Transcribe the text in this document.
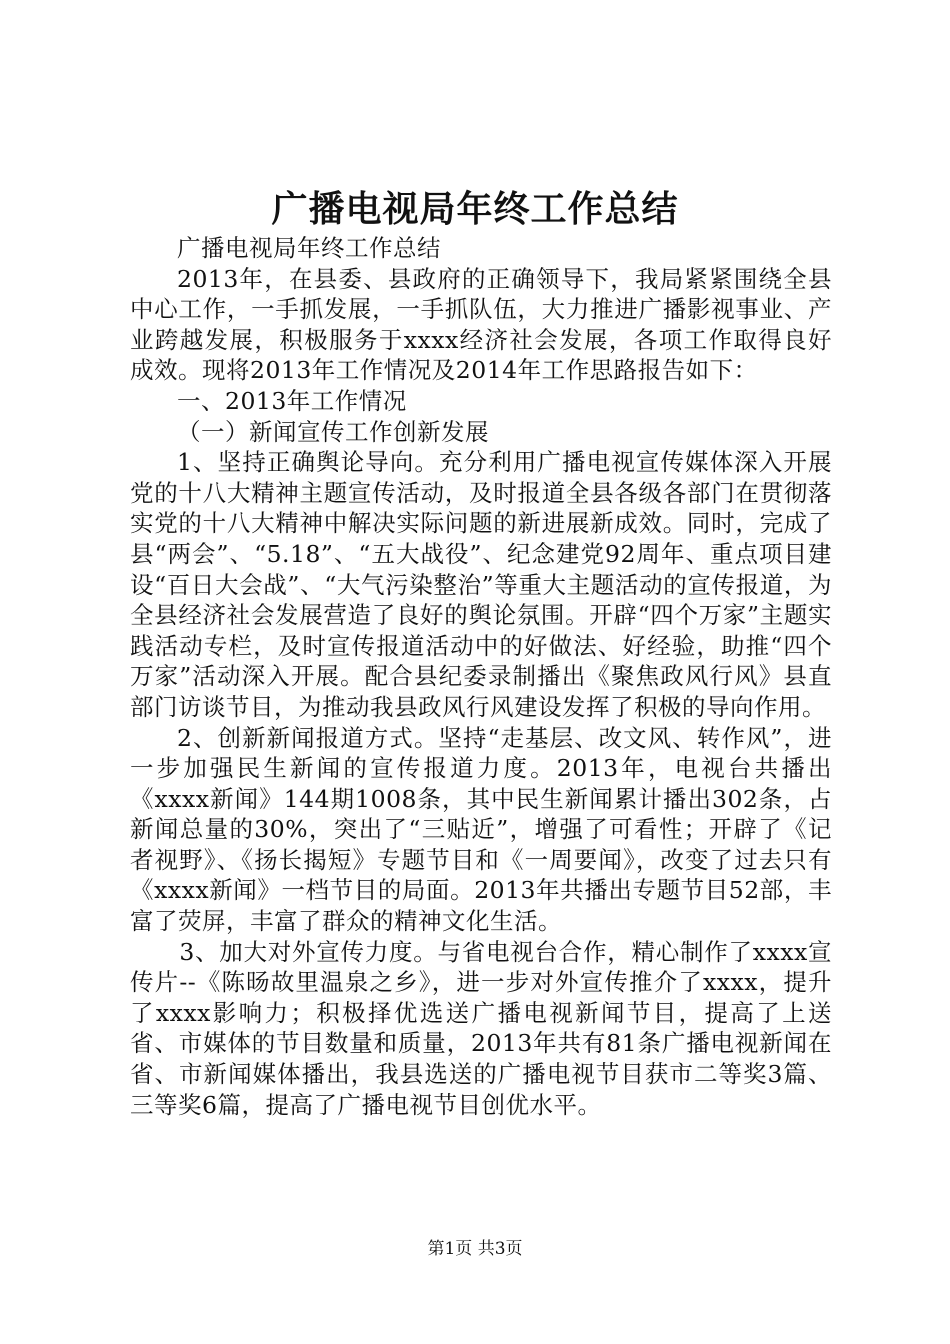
广播电视局年终工作总结

广播电视局年终工作总结

2013年，在县委、县政府的正确领导下，我局紧紧围绕全县中心工作，一手抓发展，一手抓队伍，大力推进广播影视事业、产业跨越发展，积极服务于xxxx经济社会发展，各项工作取得良好成效。现将2013年工作情况及2014年工作思路报告如下：

一、2013年工作情况

（一）新闻宣传工作创新发展

1、坚持正确舆论导向。充分利用广播电视宣传媒体深入开展党的十八大精神主题宣传活动，及时报道全县各级各部门在贯彻落实党的十八大精神中解决实际问题的新进展新成效。同时，完成了县“两会”、“5.18”、“五大战役”、纪念建党92周年、重点项目建设“百日大会战”、“大气污染整治”等重大主题活动的宣传报道，为全县经济社会发展营造了良好的舆论氛围。开辟“四个万家”主题实践活动专栏，及时宣传报道活动中的好做法、好经验，助推“四个万家”活动深入开展。配合县纪委录制播出《聚焦政风行风》县直部门访谈节目，为推动我县政风行风建设发挥了积极的导向作用。

2、创新新闻报道方式。坚持“走基层、改文风、转作风”，进一步加强民生新闻的宣传报道力度。2013年，电视台共播出《xxxx新闻》144期1008条，其中民生新闻累计播出302条，占新闻总量的30%，突出了“三贴近”，增强了可看性；开辟了《记者视野》、《扬长揭短》专题节目和《一周要闻》，改变了过去只有《xxxx新闻》一档节目的局面。2013年共播出专题节目52部，丰富了荧屏，丰富了群众的精神文化生活。

3、加大对外宣传力度。与省电视台合作，精心制作了xxxx宣传片--《陈旸故里温泉之乡》，进一步对外宣传推介了xxxx，提升了xxxx影响力；积极择优选送广播电视新闻节目，提高了上送省、市媒体的节目数量和质量，2013年共有81条广播电视新闻在省、市新闻媒体播出，我县选送的广播电视节目获市二等奖3篇、三等奖6篇，提高了广播电视节目创优水平。

第1页 共3页
